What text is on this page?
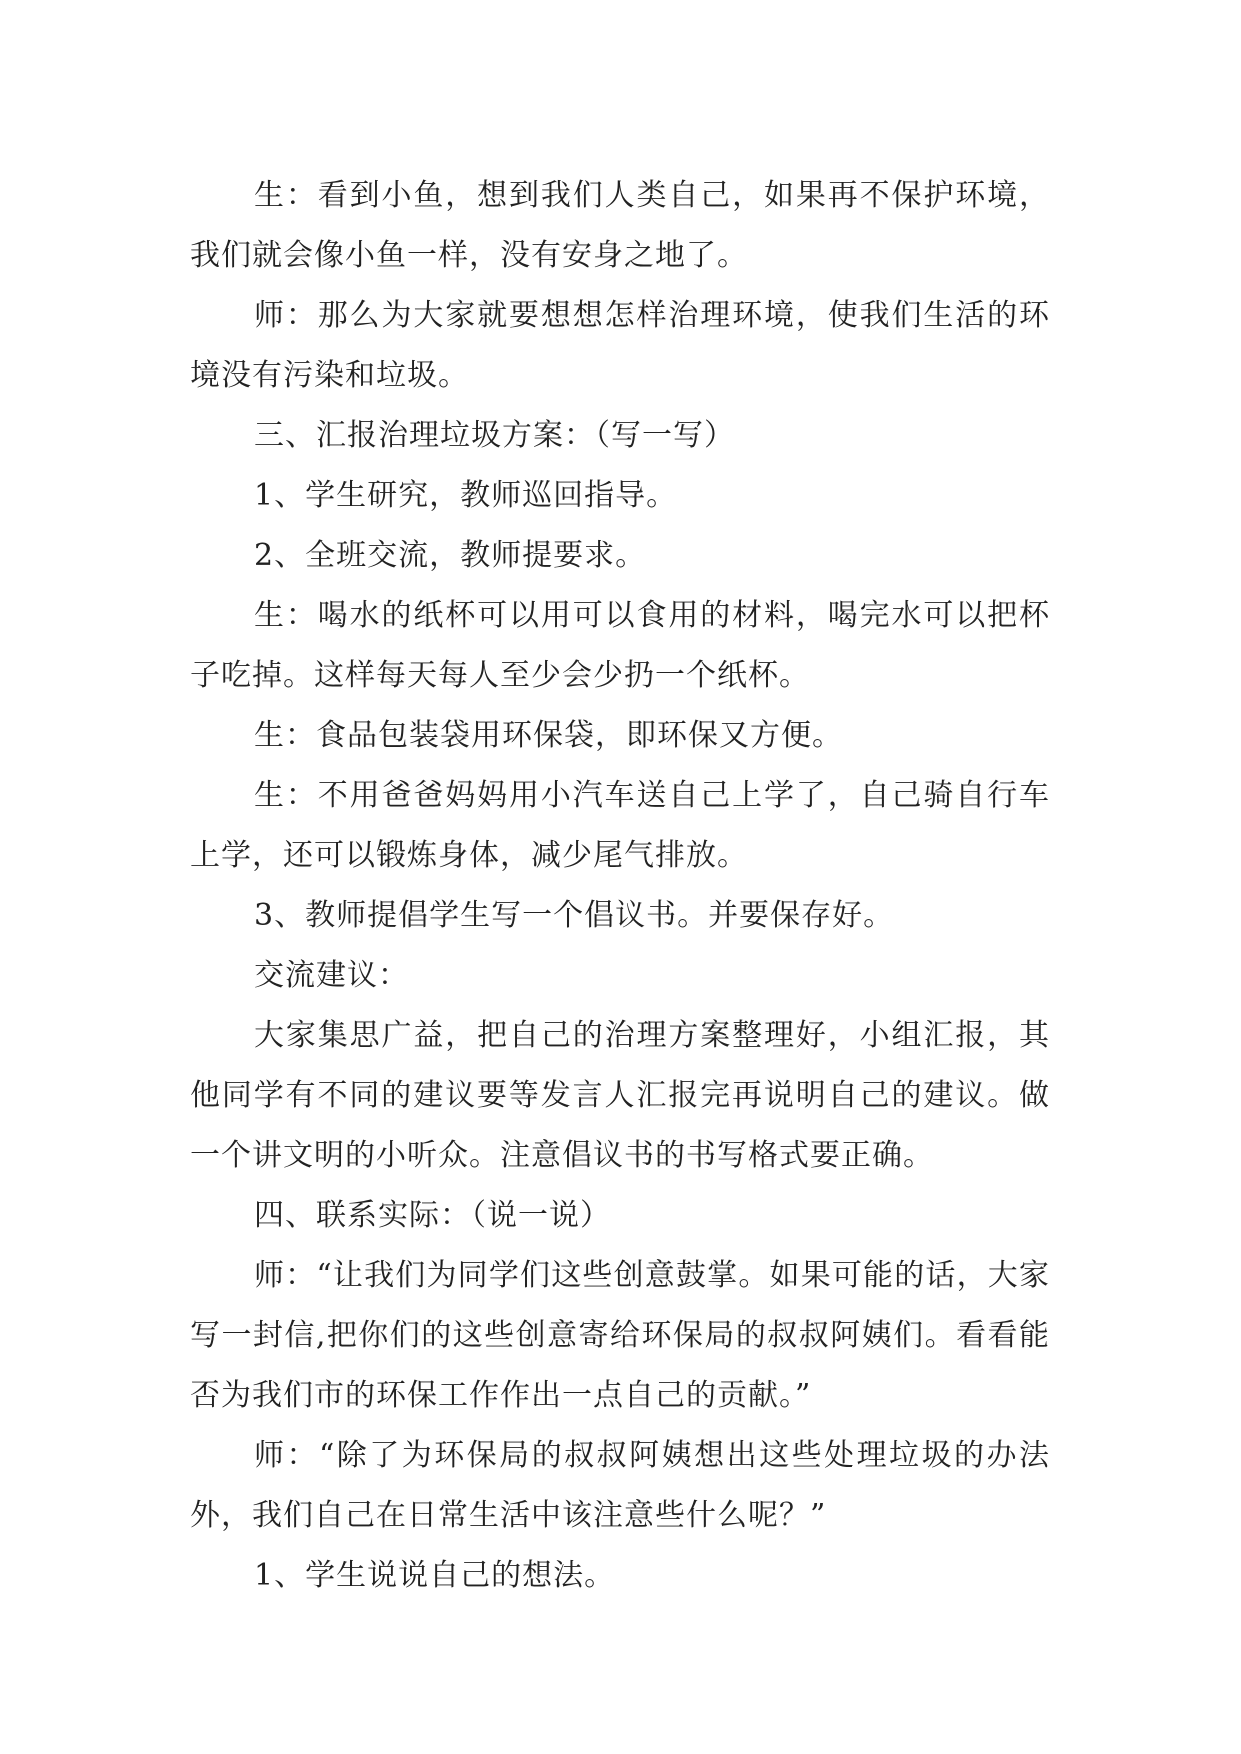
生：看到小鱼，想到我们人类自己，如果再不保护环境，我们就会像小鱼一样，没有安身之地了。

师：那么为大家就要想想怎样治理环境，使我们生活的环境没有污染和垃圾。

三、汇报治理垃圾方案：（写一写）

1、学生研究，教师巡回指导。

2、全班交流，教师提要求。

生：喝水的纸杯可以用可以食用的材料，喝完水可以把杯子吃掉。这样每天每人至少会少扔一个纸杯。

生：食品包装袋用环保袋，即环保又方便。

生：不用爸爸妈妈用小汽车送自己上学了，自己骑自行车上学，还可以锻炼身体，减少尾气排放。

3、教师提倡学生写一个倡议书。并要保存好。

交流建议：

大家集思广益，把自己的治理方案整理好，小组汇报，其他同学有不同的建议要等发言人汇报完再说明自己的建议。做一个讲文明的小听众。注意倡议书的书写格式要正确。

四、联系实际：（说一说）

师：“让我们为同学们这些创意鼓掌。如果可能的话，大家写一封信,把你们的这些创意寄给环保局的叔叔阿姨们。看看能否为我们市的环保工作作出一点自己的贡献。”

师：“除了为环保局的叔叔阿姨想出这些处理垃圾的办法外，我们自己在日常生活中该注意些什么呢？”

1、学生说说自己的想法。
